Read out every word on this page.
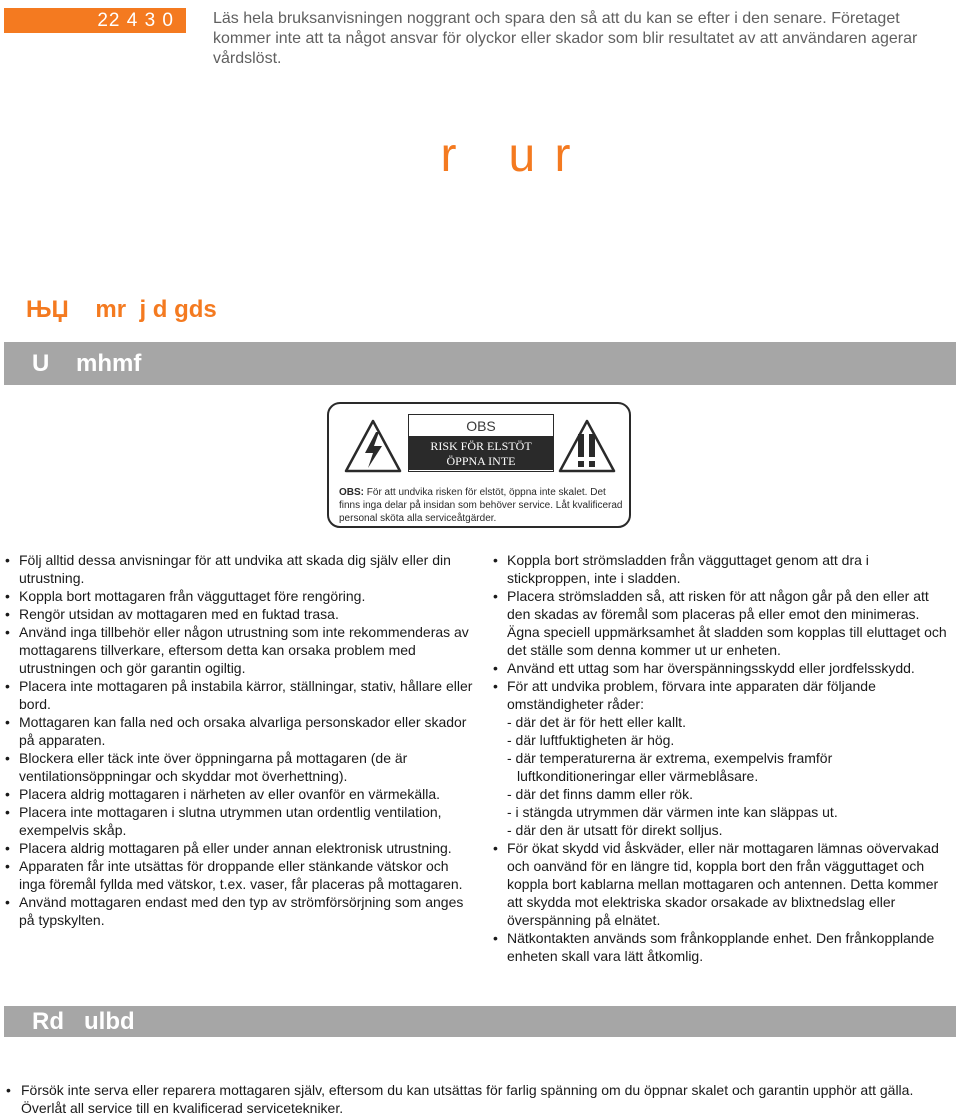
22 4 3 0	Läs hela bruksanvisningen noggrant och spara den så att du kan se efter i den senare. Företaget kommer inte att ta något ansvar för olyckor eller skador som blir resultatet av att användaren agerar vårdslöst.

r   u r
ЊЏ    mr  j d gds
U    mhmf
OBS
RISK FÖR ELSTÖT
ÖPPNA INTE

OBS: För att undvika risken för elstöt, öppna inte skalet. Det finns inga delar på insidan som behöver service. Låt kvalificerad personal sköta alla serviceåtgärder.

• Följ alltid dessa anvisningar för att undvika att skada dig själv eller din utrustning.
• Koppla bort mottagaren från vägguttaget före rengöring.
• Rengör utsidan av mottagaren med en fuktad trasa.
• Använd inga tillbehör eller någon utrustning som inte rekommenderas av mottagarens tillverkare, eftersom detta kan orsaka problem med utrustningen och gör garantin ogiltig.
• Placera inte mottagaren på instabila kärror, ställningar, stativ, hållare eller bord.
• Mottagaren kan falla ned och orsaka alvarliga personskador eller skador på apparaten.
• Blockera eller täck inte över öppningarna på mottagaren (de är ventilationsöppningar och skyddar mot överhettning).
• Placera aldrig mottagaren i närheten av eller ovanför en värmekälla.
• Placera inte mottagaren i slutna utrymmen utan ordentlig ventilation, exempelvis skåp.
• Placera aldrig mottagaren på eller under annan elektronisk utrustning.
• Apparaten får inte utsättas för droppande eller stänkande vätskor och inga föremål fyllda med vätskor, t.ex. vaser, får placeras på mottagaren.
• Använd mottagaren endast med den typ av strömförsörjning som anges på typskylten.
• Koppla bort strömsladden från vägguttaget genom att dra i stickproppen, inte i sladden.
• Placera strömsladden så, att risken för att någon går på den eller att den skadas av föremål som placeras på eller emot den minimeras. Ägna speciell uppmärksamhet åt sladden som kopplas till eluttaget och det ställe som denna kommer ut ur enheten.
• Använd ett uttag som har överspänningsskydd eller jordfelsskydd.
• För att undvika problem, förvara inte apparaten där följande omständigheter råder:
- där det är för hett eller kallt.
- där luftfuktigheten är hög.
- där temperaturerna är extrema, exempelvis framför
luftkonditioneringar eller värmeblåsare.
- där det finns damm eller rök.
- i stängda utrymmen där värmen inte kan släppas ut.
- där den är utsatt för direkt solljus.
• För ökat skydd vid åskväder, eller när mottagaren lämnas oövervakad och oanvänd för en längre tid, koppla bort den från vägguttaget och koppla bort kablarna mellan mottagaren och antennen. Detta kommer att skydda mot elektriska skador orsakade av blixtnedslag eller överspänning på elnätet.
• Nätkontakten används som frånkopplande enhet. Den frånkopplande enheten skall vara lätt åtkomlig.
Rd   ulbd

• Försök inte serva eller reparera mottagaren själv, eftersom du kan utsättas för farlig spänning om du öppnar skalet och garantin upphör att gälla. Överlåt all service till en kvalificerad servicetekniker.
